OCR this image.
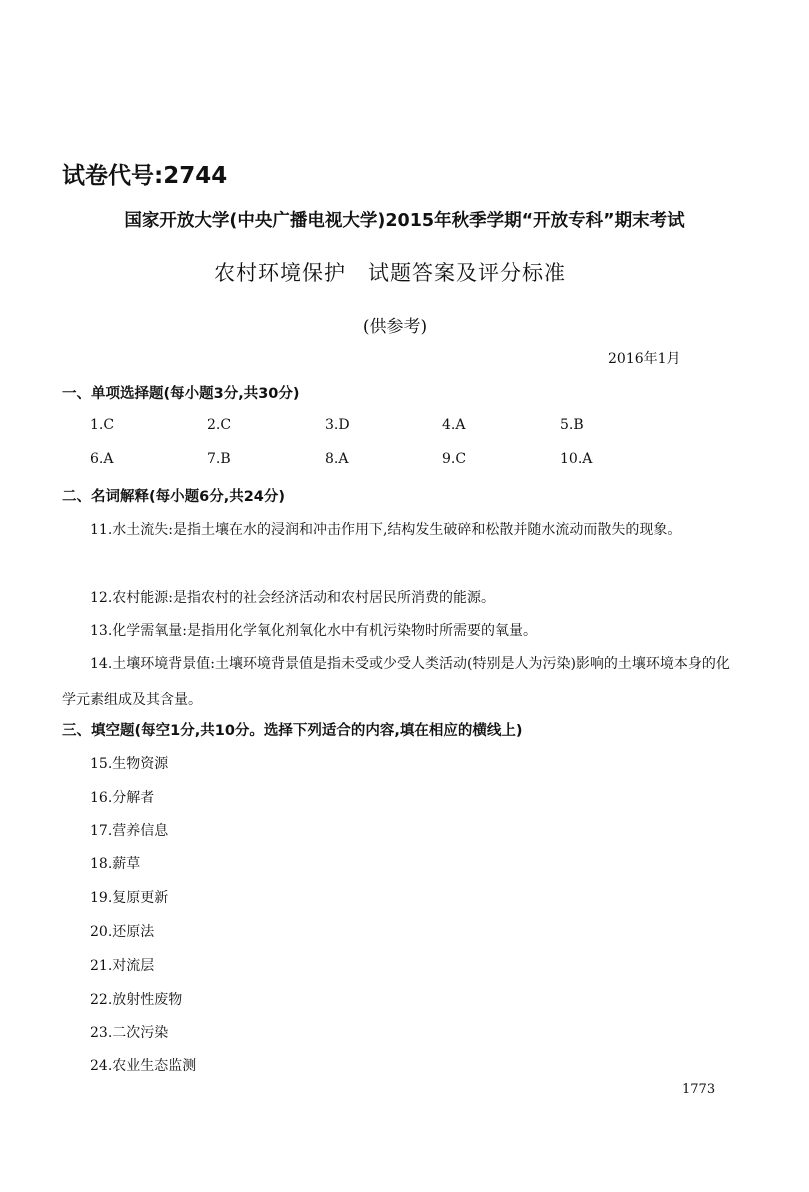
试卷代号:2744
国家开放大学(中央广播电视大学)2015年秋季学期“开放专科”期末考试
农村环境保护　试题答案及评分标准
(供参考)
2016年1月
一、单项选择题(每小题3分,共30分)
1.C	2.C	3.D	4.A	5.B
6.A	7.B	8.A	9.C	10.A
二、名词解释(每小题6分,共24分)
11.水土流失:是指土壤在水的浸润和冲击作用下,结构发生破碎和松散并随水流动而散失的现象。
12.农村能源:是指农村的社会经济活动和农村居民所消费的能源。
13.化学需氧量:是指用化学氧化剂氧化水中有机污染物时所需要的氧量。
14.土壤环境背景值:土壤环境背景值是指未受或少受人类活动(特别是人为污染)影响的土壤环境本身的化学元素组成及其含量。
三、填空题(每空1分,共10分。选择下列适合的内容,填在相应的横线上)
15.生物资源
16.分解者
17.营养信息
18.薪草
19.复原更新
20.还原法
21.对流层
22.放射性废物
23.二次污染
24.农业生态监测
1773
